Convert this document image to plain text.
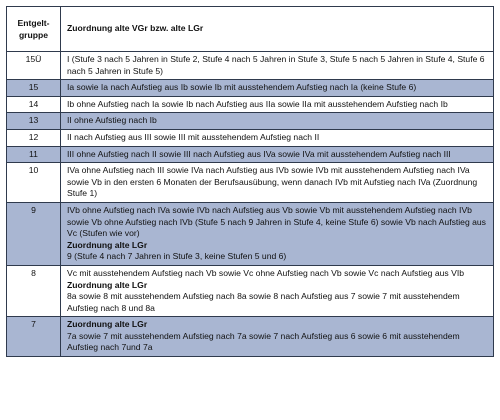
Entgelt-
gruppe	Zuordnung alte VGr bzw. alte LGr
15Ü	I (Stufe 3 nach 5 Jahren in Stufe 2, Stufe 4 nach 5 Jahren in Stufe 3, Stufe 5 nach 5 Jahren in Stufe 4, Stufe 6 nach 5 Jahren in Stufe 5)
15	Ia sowie Ia nach Aufstieg aus Ib sowie Ib mit ausstehendem Aufstieg nach Ia (keine Stufe 6)
14	Ib ohne Aufstieg nach Ia sowie Ib nach Aufstieg aus IIa sowie IIa mit ausstehendem Aufstieg nach Ib
13	II ohne Aufstieg nach Ib
12	II nach Aufstieg aus III sowie III mit ausstehendem Aufstieg nach II
11	III ohne Aufstieg nach II sowie III nach Aufstieg aus IVa sowie IVa mit ausstehendem Aufstieg nach III
10	IVa ohne Aufstieg nach III sowie IVa nach Aufstieg aus IVb sowie IVb mit ausstehendem Aufstieg nach IVa sowie Vb in den ersten 6 Monaten der Berufsausübung, wenn danach IVb mit Aufstieg nach IVa (Zuordnung Stufe 1)
9	IVb ohne Aufstieg nach IVa sowie IVb nach Aufstieg aus Vb sowie Vb mit ausstehendem Aufstieg nach IVb sowie Vb ohne Aufstieg nach IVb (Stufe 5 nach 9 Jahren in Stufe 4, keine Stufe 6) sowie Vb nach Aufstieg aus Vc (Stufen wie vor)
Zuordnung alte LGr
9 (Stufe 4 nach 7 Jahren in Stufe 3, keine Stufen 5 und 6)

8	Vc mit ausstehendem Aufstieg nach Vb sowie Vc ohne Aufstieg nach Vb sowie Vc nach Aufstieg aus VIb
Zuordnung alte LGr
8a sowie 8 mit ausstehendem Aufstieg nach 8a sowie 8 nach Aufstieg aus 7 sowie 7 mit ausstehendem Aufstieg nach 8 und 8a

7	Zuordnung alte LGr
7a sowie 7 mit ausstehendem Aufstieg nach 7a sowie 7 nach Aufstieg aus 6 sowie 6 mit ausstehendem Aufstieg nach 7und 7a
